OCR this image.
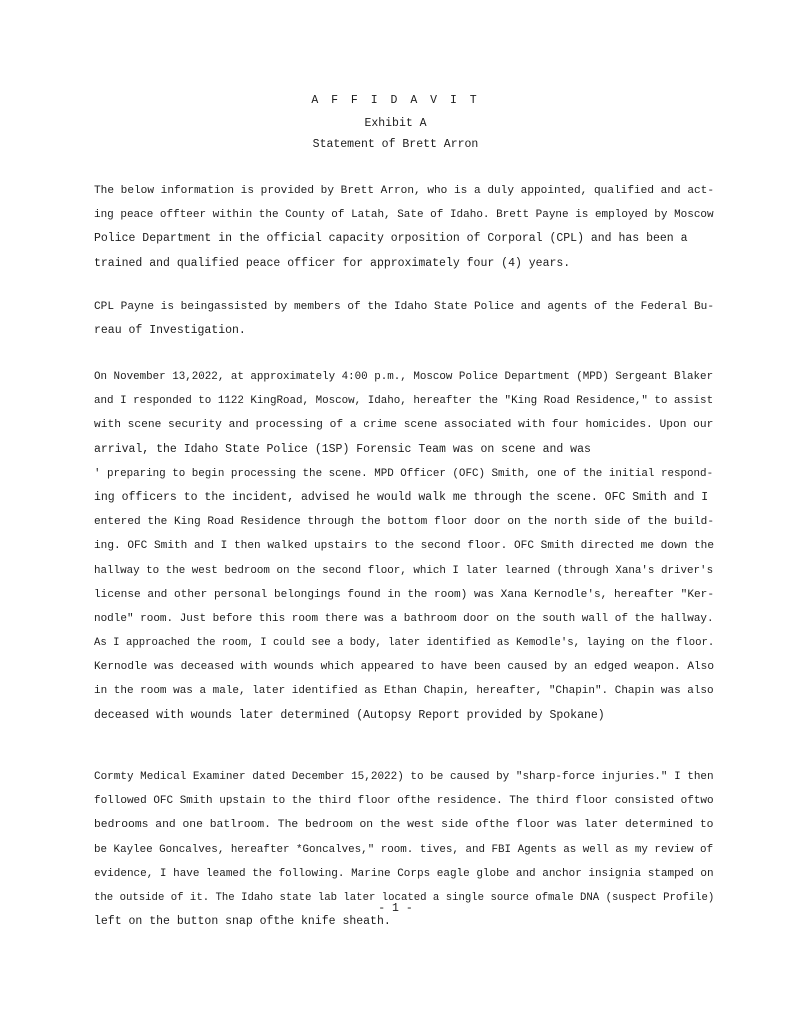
A F F I D A V I T
Exhibit A
Statement of Brett Arron
The below information is provided by Brett Arron, who is a duly appointed, qualified and act-
ing peace offteer within the County of Latah, Sate of Idaho. Brett Payne is employed by Moscow
Police Department in the official capacity orposition of Corporal (CPL) and has been a
trained and qualified peace officer for approximately four (4) years.
CPL Payne is beingassisted by members of the Idaho State Police and agents of the Federal Bu-
reau of Investigation.
On November 13,2022, at approximately 4:00 p.m., Moscow Police Department (MPD) Sergeant Blaker
and I responded to 1122 KingRoad, Moscow, Idaho, hereafter the "King Road Residence," to assist
with scene security and processing of a crime scene associated with four homicides. Upon our
arrival, the Idaho State Police (1SP) Forensic Team was on scene and was
' preparing to begin processing the scene. MPD Officer (OFC) Smith, one of the initial respond-
ing officers to the incident, advised he would walk me through the scene. OFC Smith and I
entered the King Road Residence through the bottom floor door on the north side of the build-
ing. OFC Smith and I then walked upstairs to the second floor. OFC Smith directed me down the
hallway to the west bedroom on the second floor, which I later learned (through Xana's driver's
license and other personal belongings found in the room) was Xana Kernodle's, hereafter "Ker-
nodle" room. Just before this room there was a bathroom door on the south wall of the hallway.
As I approached the room, I could see a body, later identified as Kemodle's, laying on the floor.
Kernodle was deceased with wounds which appeared to have been caused by an edged weapon. Also
in the room was a male, later identified as Ethan Chapin, hereafter, "Chapin". Chapin was also
deceased with wounds later determined (Autopsy Report provided by Spokane)
Cormty Medical Examiner dated December 15,2022) to be caused by "sharp-force injuries." I then
followed OFC Smith upstain to the third floor ofthe residence. The third floor consisted oftwo
bedrooms and one batlroom. The bedroom on the west side ofthe floor was later determined to
be Kaylee Goncalves, hereafter *Goncalves," room. tives, and FBI Agents as well as my review of
evidence, I have leamed the following. Marine Corps eagle globe and anchor insignia stamped on
the outside of it. The Idaho state lab later located a single source ofmale DNA (suspect Profile)
left on the button snap ofthe knife sheath.
- 1 -
